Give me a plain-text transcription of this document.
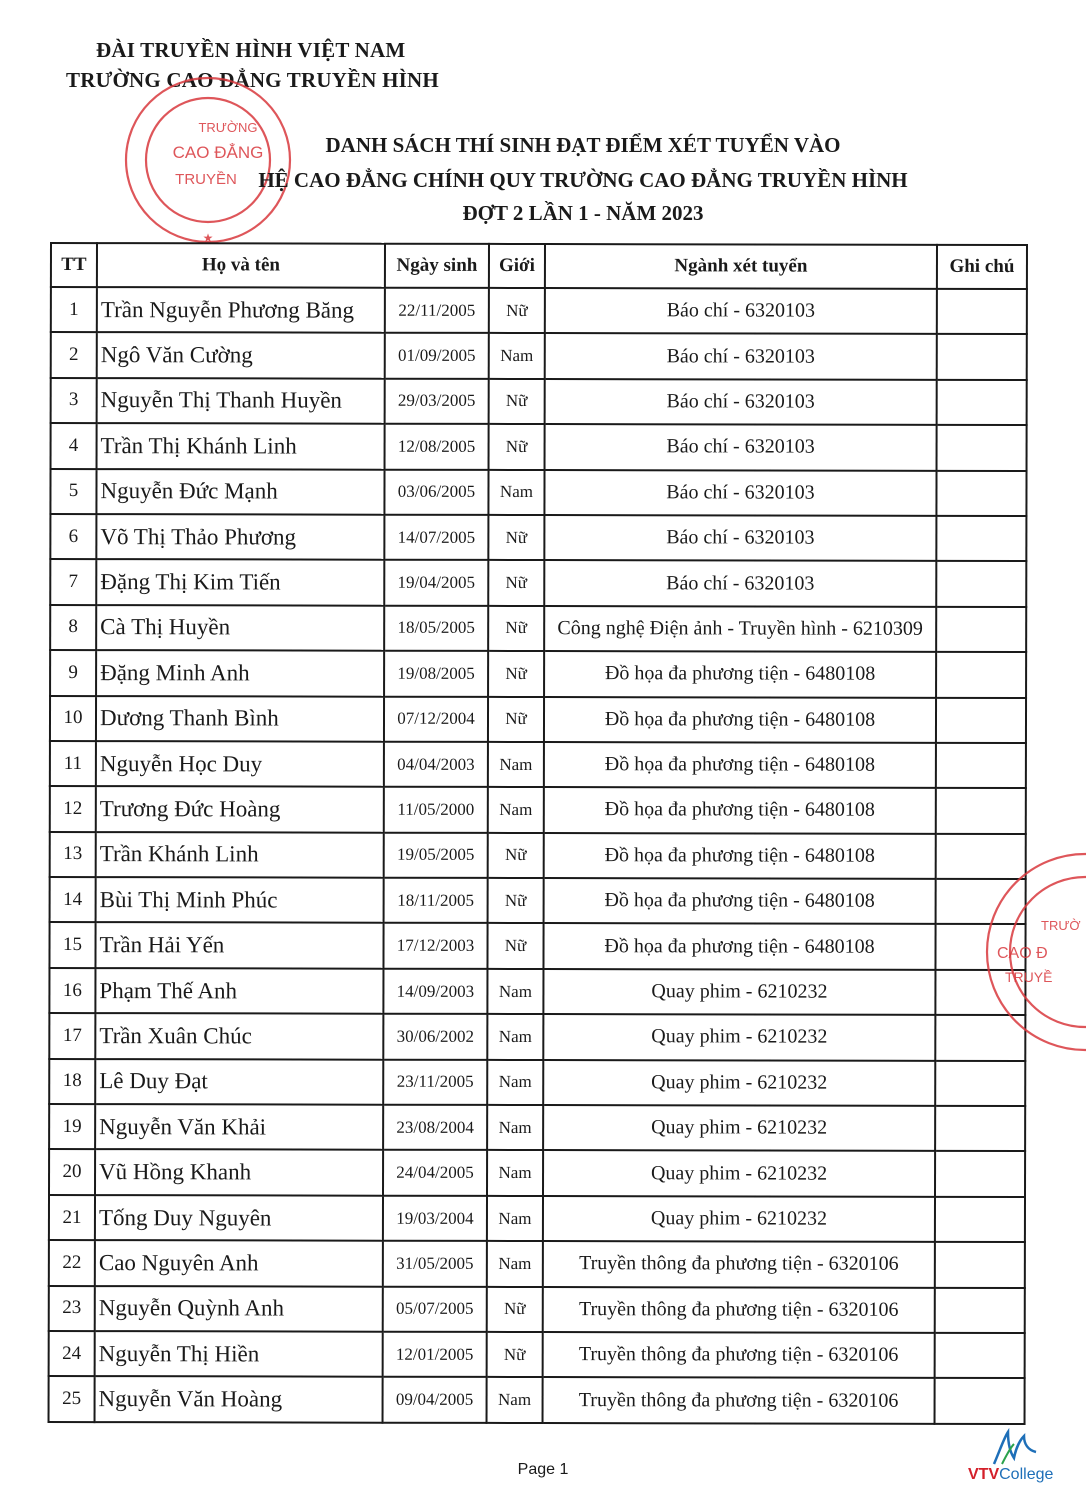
ĐÀI TRUYỀN HÌNH VIỆT NAM
TRƯỜNG CAO ĐẲNG TRUYỀN HÌNH
TRƯỜNG
CAO ĐẲNG
TRUYỀN
★
DANH SÁCH THÍ SINH ĐẠT ĐIỂM XÉT TUYỂN VÀO
HỆ CAO ĐẲNG CHÍNH QUY TRƯỜNG CAO ĐẲNG TRUYỀN HÌNH
ĐỢT 2 LẦN 1 - NĂM 2023
TT	Họ và tên	Ngày sinh	Giới	Ngành xét tuyển	Ghi chú
1	Trần Nguyễn Phương Băng	22/11/2005	Nữ	Báo chí - 6320103	
2	Ngô Văn Cường	01/09/2005	Nam	Báo chí - 6320103	
3	Nguyễn Thị Thanh Huyền	29/03/2005	Nữ	Báo chí - 6320103	
4	Trần Thị Khánh Linh	12/08/2005	Nữ	Báo chí - 6320103	
5	Nguyễn Đức Mạnh	03/06/2005	Nam	Báo chí - 6320103	
6	Võ Thị Thảo Phương	14/07/2005	Nữ	Báo chí - 6320103	
7	Đặng Thị Kim Tiến	19/04/2005	Nữ	Báo chí - 6320103	
8	Cà Thị Huyền	18/05/2005	Nữ	Công nghệ Điện ảnh - Truyền hình - 6210309	
9	Đặng Minh Anh	19/08/2005	Nữ	Đồ họa đa phương tiện - 6480108	
10	Dương Thanh Bình	07/12/2004	Nữ	Đồ họa đa phương tiện - 6480108	
11	Nguyễn Học Duy	04/04/2003	Nam	Đồ họa đa phương tiện - 6480108	
12	Trương Đức Hoàng	11/05/2000	Nam	Đồ họa đa phương tiện - 6480108	
13	Trần Khánh Linh	19/05/2005	Nữ	Đồ họa đa phương tiện - 6480108	
14	Bùi Thị Minh Phúc	18/11/2005	Nữ	Đồ họa đa phương tiện - 6480108	
15	Trần Hải Yến	17/12/2003	Nữ	Đồ họa đa phương tiện - 6480108	
16	Phạm Thế Anh	14/09/2003	Nam	Quay phim - 6210232	
17	Trần Xuân Chúc	30/06/2002	Nam	Quay phim - 6210232	
18	Lê Duy Đạt	23/11/2005	Nam	Quay phim - 6210232	
19	Nguyễn Văn Khải	23/08/2004	Nam	Quay phim - 6210232	
20	Vũ Hồng Khanh	24/04/2005	Nam	Quay phim - 6210232	
21	Tống Duy Nguyên	19/03/2004	Nam	Quay phim - 6210232	
22	Cao Nguyên Anh	31/05/2005	Nam	Truyền thông đa phương tiện - 6320106	
23	Nguyễn Quỳnh Anh	05/07/2005	Nữ	Truyền thông đa phương tiện - 6320106	
24	Nguyễn Thị Hiền	12/01/2005	Nữ	Truyền thông đa phương tiện - 6320106	
25	Nguyễn Văn Hoàng	09/04/2005	Nam	Truyền thông đa phương tiện - 6320106	
TRƯỜ
CAO Đ
TRUYỀ
Page 1	VTVCollege
